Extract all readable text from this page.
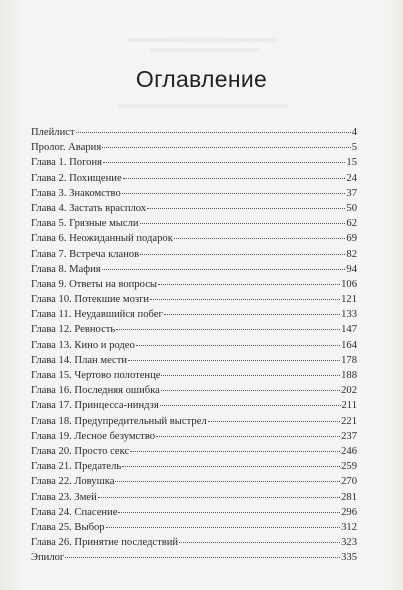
Оглавление
Плейлист	4
Пролог. Авария	5
Глава 1. Погоня	15
Глава 2. Похищение	24
Глава 3. Знакомство	37
Глава 4. Застать врасплох	50
Глава 5. Грязные мысли	62
Глава 6. Неожиданный подарок	69
Глава 7. Встреча кланов	82
Глава 8. Мафия	94
Глава 9. Ответы на вопросы	106
Глава 10. Потекшие мозги	121
Глава 11. Неудавшийся побег	133
Глава 12. Ревность	147
Глава 13. Кино и родео	164
Глава 14. План мести	178
Глава 15. Чертово полотенце	188
Глава 16. Последняя ошибка	202
Глава 17. Принцесса-ниндзя	211
Глава 18. Предупредительный выстрел	221
Глава 19. Лесное безумство	237
Глава 20. Просто секс	246
Глава 21. Предатель	259
Глава 22. Ловушка	270
Глава 23. Змей	281
Глава 24. Спасение	296
Глава 25. Выбор	312
Глава 26. Принятие последствий	323
Эпилог	335
